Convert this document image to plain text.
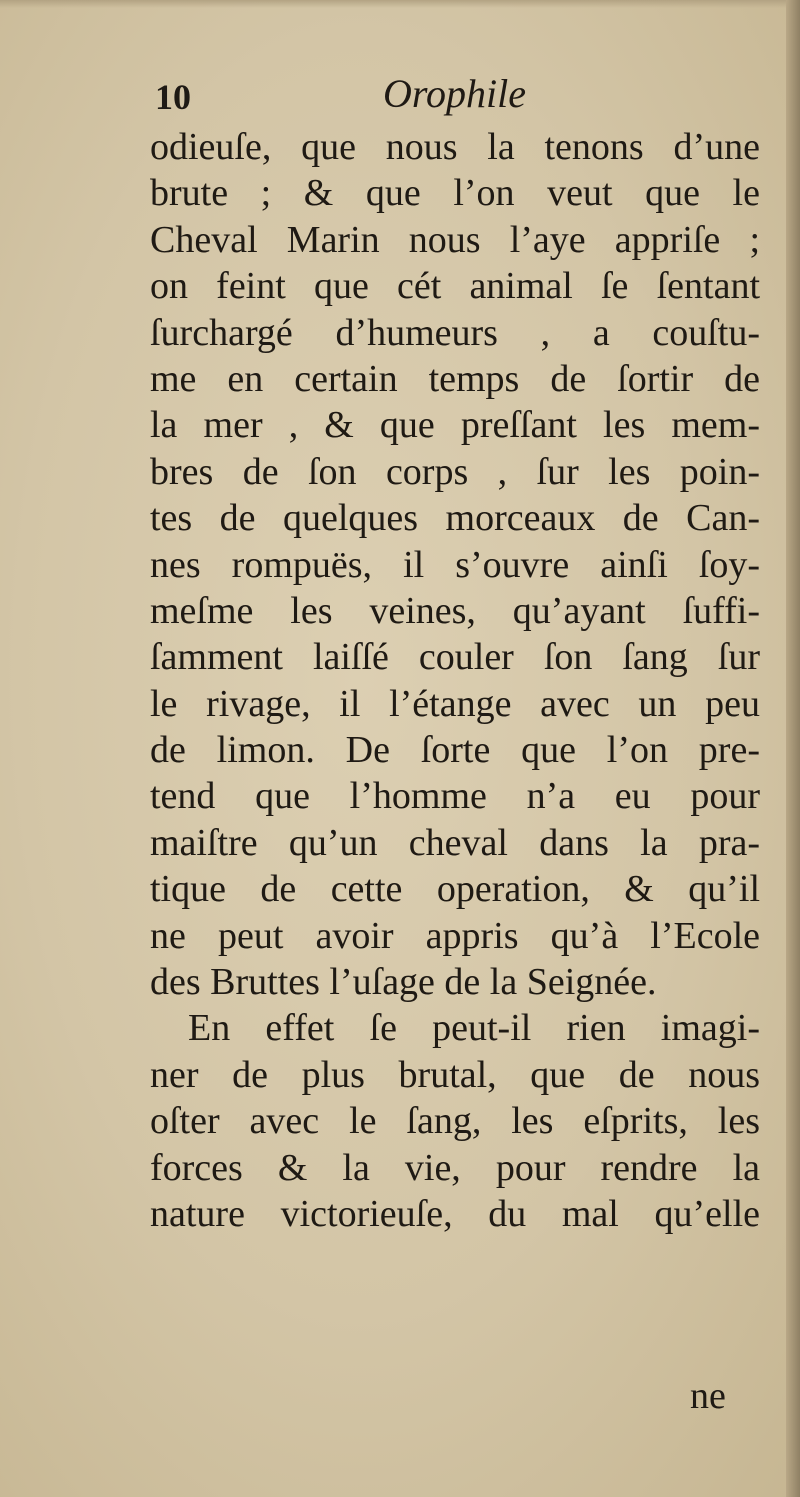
10	Orophile
odieuſe, que nous la tenons d’une
brute ; & que l’on veut que le
Cheval Marin nous l’aye appriſe ;
on feint que cét animal ſe ſentant
ſurchargé d’humeurs , a couſtu-
me en certain temps de ſortir de
la mer , & que preſſant les mem-
bres de ſon corps , ſur les poin-
tes de quelques morceaux de Can-
nes rompuës, il s’ouvre ainſi ſoy-
meſme les veines, qu’ayant ſuffi-
ſamment laiſſé couler ſon ſang ſur
le rivage, il l’étange avec un peu
de limon. De ſorte que l’on pre-
tend que l’homme n’a eu pour
maiſtre qu’un cheval dans la pra-
tique de cette operation, & qu’il
ne peut avoir appris qu’à l’Ecole
des Bruttes l’uſage de la Seignée.
En effet ſe peut-il rien imagi-
ner de plus brutal, que de nous
oſter avec le ſang, les eſprits, les
forces & la vie, pour rendre la
nature victorieuſe, du mal qu’elle
ne
